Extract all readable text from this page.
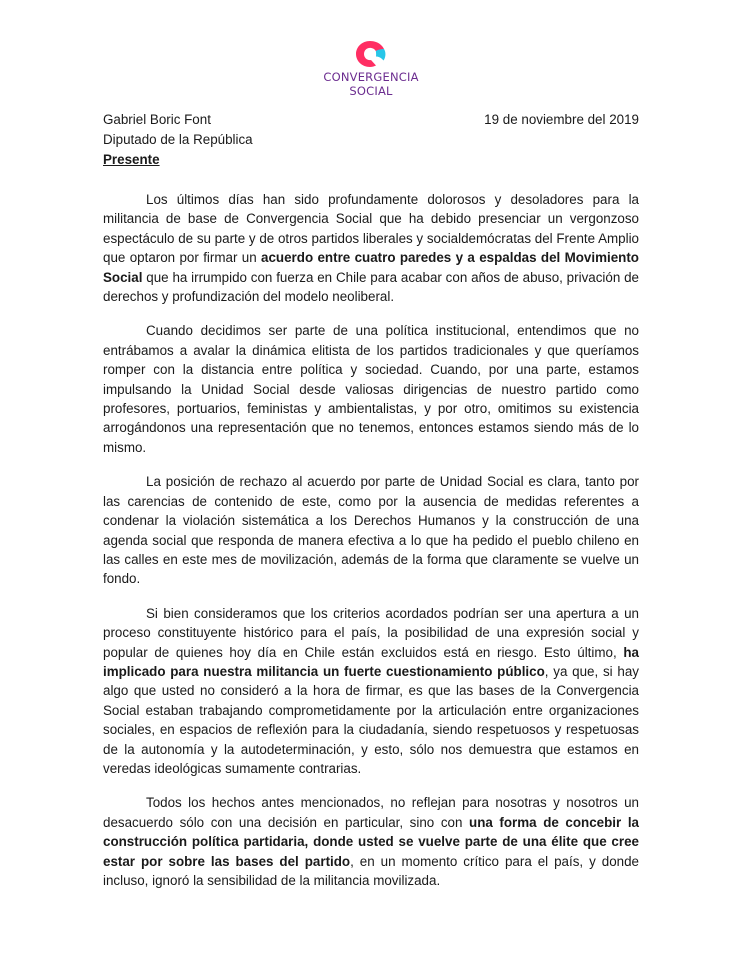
CONVERGENCIA
SOCIAL
Gabriel Boric Font
Diputado de la República
Presente
19 de noviembre del 2019

Los últimos días han sido profundamente dolorosos y desoladores para la militancia de base de Convergencia Social que ha debido presenciar un vergonzoso espectáculo de su parte y de otros partidos liberales y socialdemócratas del Frente Amplio que optaron por firmar un acuerdo entre cuatro paredes y a espaldas del Movimiento Social que ha irrumpido con fuerza en Chile para acabar con años de abuso, privación de derechos y profundización del modelo neoliberal.

Cuando decidimos ser parte de una política institucional, entendimos que no entrábamos a avalar la dinámica elitista de los partidos tradicionales y que queríamos romper con la distancia entre política y sociedad. Cuando, por una parte, estamos impulsando la Unidad Social desde valiosas dirigencias de nuestro partido como profesores, portuarios, feministas y ambientalistas, y por otro, omitimos su existencia arrogándonos una representación que no tenemos, entonces estamos siendo más de lo mismo.

La posición de rechazo al acuerdo por parte de Unidad Social es clara, tanto por las carencias de contenido de este, como por la ausencia de medidas referentes a condenar la violación sistemática a los Derechos Humanos y la construcción de una agenda social que responda de manera efectiva a lo que ha pedido el pueblo chileno en las calles en este mes de movilización, además de la forma que claramente se vuelve un fondo.

Si bien consideramos que los criterios acordados podrían ser una apertura a un proceso constituyente histórico para el país, la posibilidad de una expresión social y popular de quienes hoy día en Chile están excluidos está en riesgo. Esto último, ha implicado para nuestra militancia un fuerte cuestionamiento público, ya que, si hay algo que usted no consideró a la hora de firmar, es que las bases de la Convergencia Social estaban trabajando comprometidamente por la articulación entre organizaciones sociales, en espacios de reflexión para la ciudadanía, siendo respetuosos y respetuosas de la autonomía y la autodeterminación, y esto, sólo nos demuestra que estamos en veredas ideológicas sumamente contrarias.

Todos los hechos antes mencionados, no reflejan para nosotras y nosotros un desacuerdo sólo con una decisión en particular, sino con una forma de concebir la construcción política partidaria, donde usted se vuelve parte de una élite que cree estar por sobre las bases del partido, en un momento crítico para el país, y donde incluso, ignoró la sensibilidad de la militancia movilizada.
